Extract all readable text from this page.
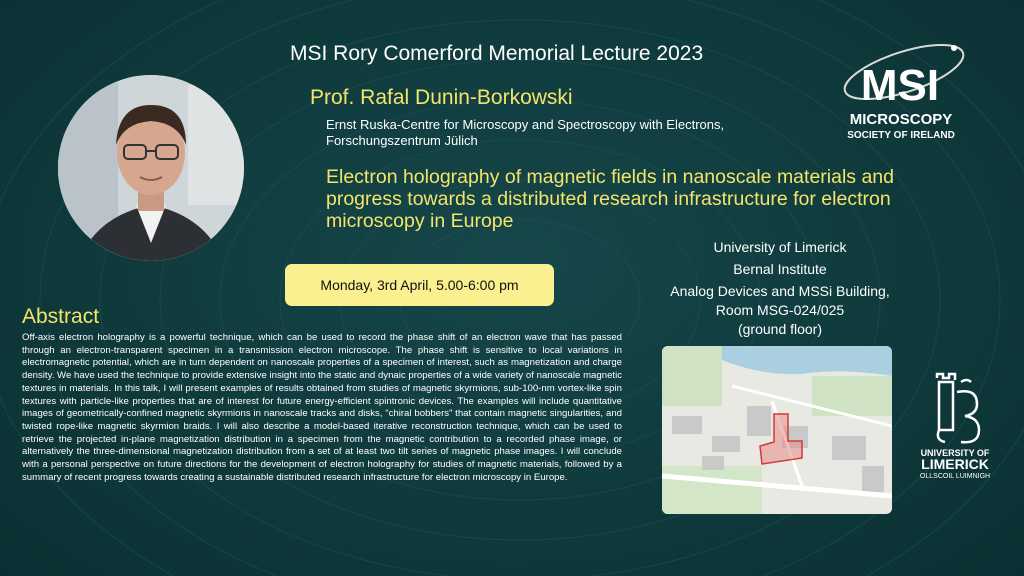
MSI Rory Comerford Memorial Lecture 2023
Prof. Rafal Dunin-Borkowski
Ernst Ruska-Centre for Microscopy and Spectroscopy with Electrons,
Forschungszentrum Jülich
Electron holography of magnetic fields in nanoscale materials and progress towards a distributed research infrastructure for electron microscopy in Europe
Monday, 3rd April, 5.00-6:00 pm
University of Limerick
Bernal Institute
Analog Devices and MSSi Building,
Room MSG-024/025
(ground floor)
Abstract
Off-axis electron holography is a powerful technique, which can be used to record the phase shift of an electron wave that has passed through an electron-transparent specimen in a transmission electron microscope. The phase shift is sensitive to local variations in electromagnetic potential, which are in turn dependent on nanoscale properties of a specimen of interest, such as magnetization and charge density. We have used the technique to provide extensive insight into the static and dynaic properties of a wide variety of nanoscale magnetic textures in materials. In this talk, I will present examples of results obtained from studies of magnetic skyrmions, sub-100-nm vortex-like spin textures with particle-like properties that are of interest for future energy-efficient spintronic devices. The examples will include quantitative images of geometrically-confined magnetic skyrmions in nanoscale tracks and disks, “chiral bobbers” that contain magnetic singularities, and twisted rope-like magnetic skyrmion braids. I will also describe a model-based iterative reconstruction technique, which can be used to retrieve the projected in-plane magnetization distribution in a specimen from the magnetic contribution to a recorded phase image, or alternatively the three-dimensional magnetization distribution from a set of at least two tilt series of magnetic phase images. I will conclude with a personal perspective on future directions for the development of electron holography for studies of magnetic materials, followed by a summary of recent progress towards creating a sustainable distributed research infrastructure for electron microscopy in Europe.
MSI
MICROSCOPY
SOCIETY OF IRELAND
UNIVERSITY OF
LIMERICK
OLLSCOIL LUIMNIGH
